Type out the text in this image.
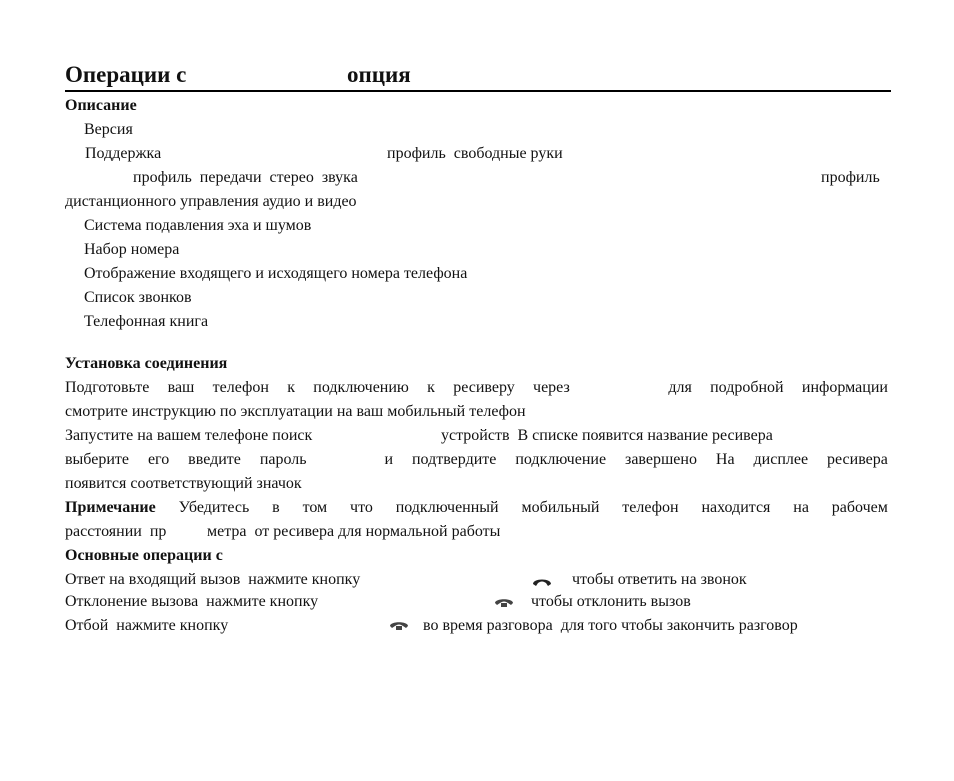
Операции с	опция
Описание
Версия
Поддержка	профиль  свободные руки
профиль  передачи  стерео  звука	профиль
дистанционного управления аудио и видео
Система подавления эха и шумов
Набор номера
Отображение входящего и исходящего номера телефона
Список звонков
Телефонная книга
Установка соединения
Подготовьте ваш телефон к подключению к ресиверу через	для подробной информации
смотрите инструкцию по эксплуатации на ваш мобильный телефон
Запустите на вашем телефоне поиск	устройств  В списке появится название ресивера
выберите его введите пароль	и подтвердите подключение завершено На дисплее ресивера
появится соответствующий значок
Примечание Убедитесь в том что подключенный мобильный телефон находится на рабочем
расстоянии  пр	метра  от ресивера для нормальной работы
Основные операции с
Ответ на входящий вызов  нажмите кнопку	чтобы ответить на звонок
Отклонение вызова  нажмите кнопку	чтобы отклонить вызов
Отбой  нажмите кнопку	во время разговора  для того чтобы закончить разговор
